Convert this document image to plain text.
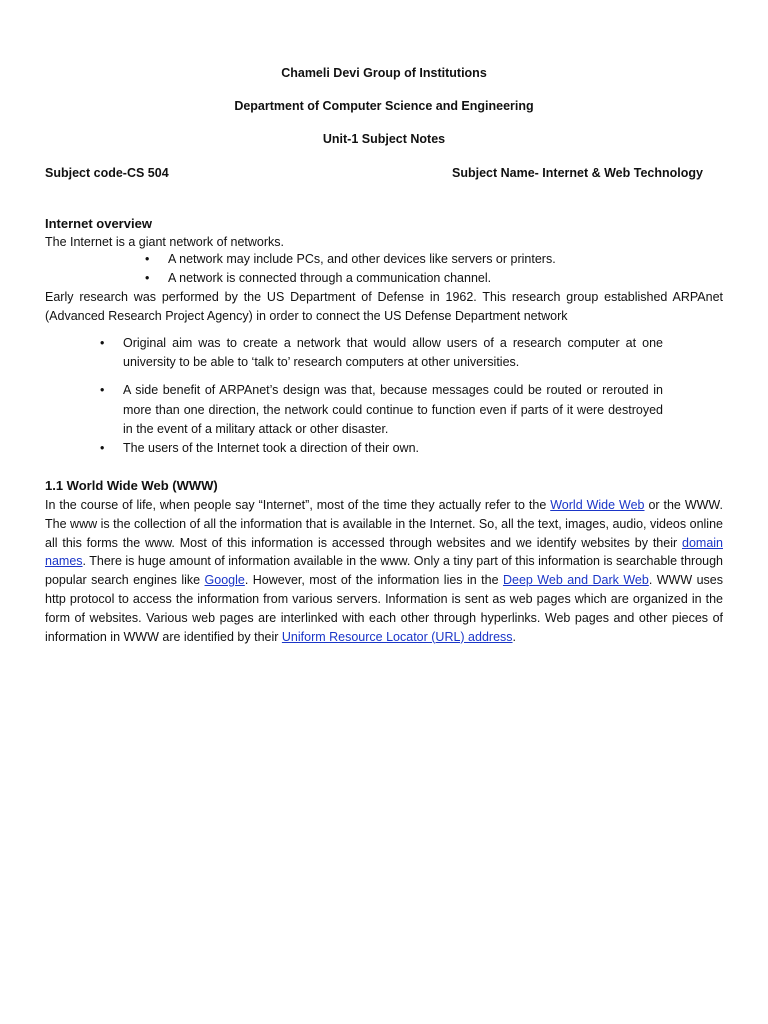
Chameli Devi Group of Institutions
Department of Computer Science and Engineering
Unit-1 Subject Notes
Subject code-CS 504	Subject Name- Internet & Web Technology
Internet overview
The Internet is a giant network of networks.
• A network may include PCs, and other devices like servers or printers.
• A network is connected through a communication channel.
Early research was performed by the US Department of Defense in 1962. This research group established ARPAnet (Advanced Research Project Agency) in order to connect the US Defense Department network
• Original aim was to create a network that would allow users of a research computer at one university to be able to ‘talk to’ research computers at other universities.
• A side benefit of ARPAnet’s design was that, because messages could be routed or rerouted in more than one direction, the network could continue to function even if parts of it were destroyed in the event of a military attack or other disaster.
• The users of the Internet took a direction of their own.
1.1 World Wide Web (WWW)
In the course of life, when people say “Internet”, most of the time they actually refer to the World Wide Web or the WWW. The www is the collection of all the information that is available in the Internet. So, all the text, images, audio, videos online all this forms the www. Most of this information is accessed through websites and we identify websites by their domain names. There is huge amount of information available in the www. Only a tiny part of this information is searchable through popular search engines like Google. However, most of the information lies in the Deep Web and Dark Web. WWW uses http protocol to access the information from various servers. Information is sent as web pages which are organized in the form of websites. Various web pages are interlinked with each other through hyperlinks. Web pages and other pieces of information in WWW are identified by their Uniform Resource Locator (URL) address.
